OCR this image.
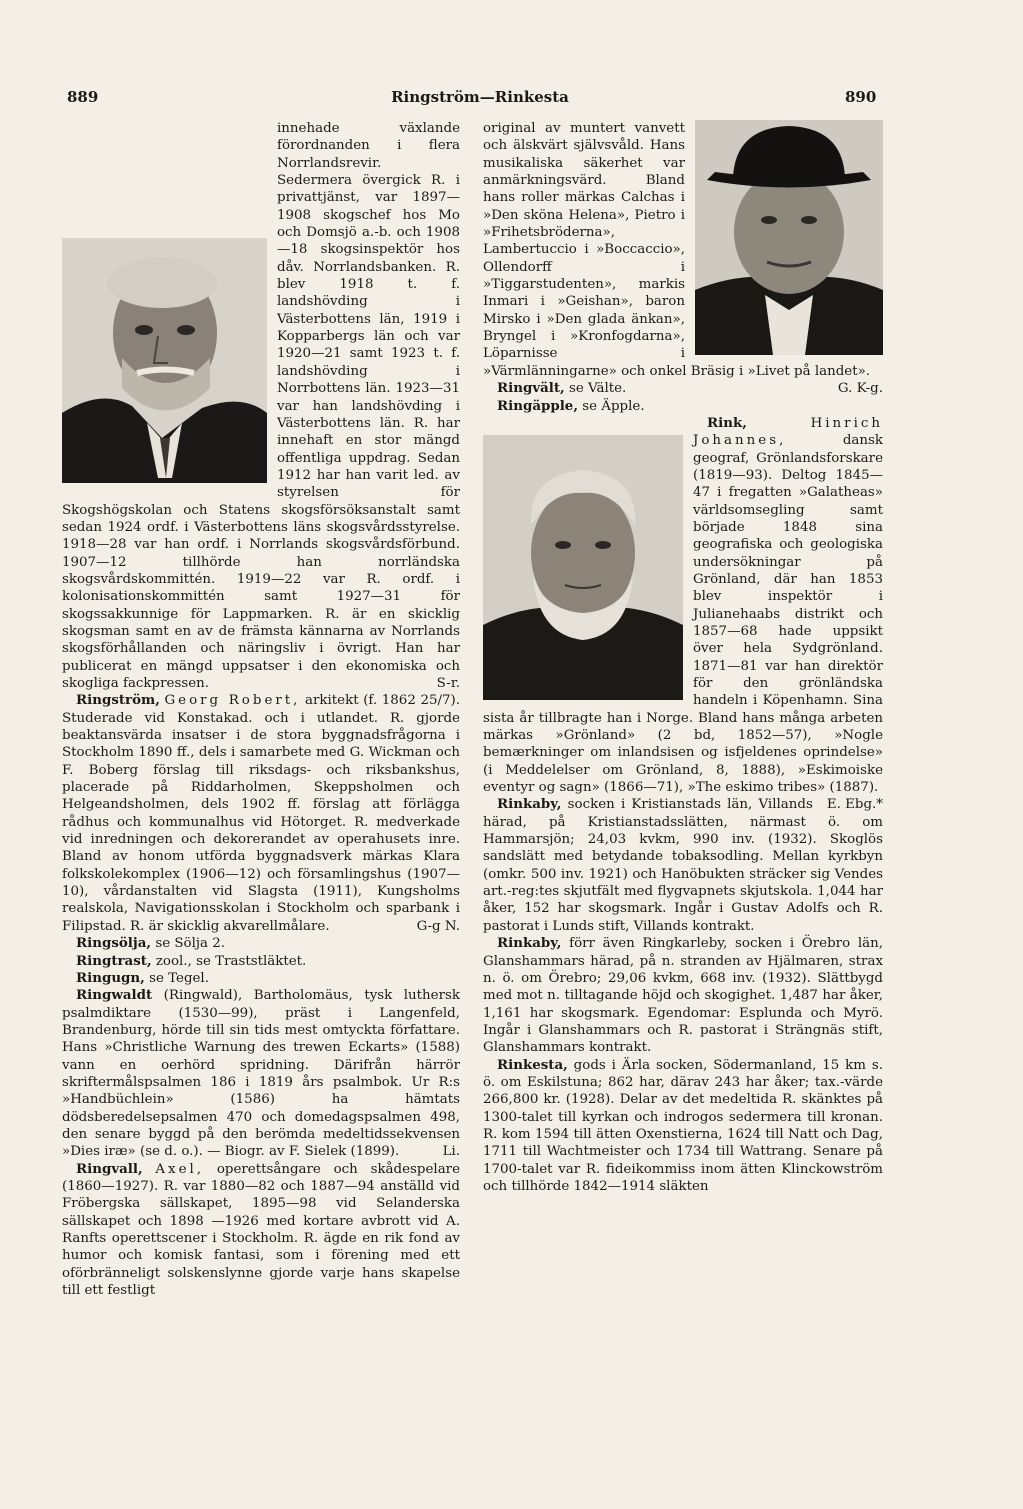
889	Ringström—Rinkesta	890

innehade växlande förordnanden i flera Norrlandsrevir. Sedermera övergick R. i privattjänst, var 1897—1908 skogschef hos Mo och Domsjö a.-b. och 1908—18 skogsinspektör hos dåv. Norrlandsbanken. R. blev 1918 t. f. landshövding i Västerbottens län, 1919 i Kopparbergs län och var 1920—21 samt 1923 t. f. landshövding i Norrbottens län. 1923—31 var han landshövding i Västerbottens län. R. har innehaft en stor mängd offentliga uppdrag. Sedan 1912 har han varit led. av styrelsen för Skogshögskolan och Statens skogsförsöksanstalt samt sedan 1924 ordf. i Västerbottens läns skogsvårdsstyrelse. 1918—28 var han ordf. i Norrlands skogsvårdsförbund. 1907—12 tillhörde han norrländska skogsvårdskommittén. 1919—22 var R. ordf. i kolonisationskommittén samt 1927—31 för skogssakkunnige för Lappmarken. R. är en skicklig skogsman samt en av de främsta kännarna av Norrlands skogsförhållanden och näringsliv i övrigt. Han har publicerat en mängd uppsatser i den ekonomiska och skogliga fackpressen.	S-r.

Ringström, Georg Robert, arkitekt (f. 1862 25/7). Studerade vid Konstakad. och i utlandet. R. gjorde beaktansvärda insatser i de stora byggnadsfrågorna i Stockholm 1890 ff., dels i samarbete med G. Wickman och F. Boberg förslag till riksdags- och riksbankshus, placerade på Riddarholmen, Skeppsholmen och Helgeandsholmen, dels 1902 ff. förslag att förlägga rådhus och kommunalhus vid Hötorget. R. medverkade vid inredningen och dekorerandet av operahusets inre. Bland av honom utförda byggnadsverk märkas Klara folkskolekomplex (1906—12) och församlingshus (1907—10), vårdanstalten vid Slagsta (1911), Kungsholms realskola, Navigationsskolan i Stockholm och sparbank i Filipstad. R. är skicklig akvarellmålare.	G-g N.

Ringsölja, se Sölja 2.

Ringtrast, zool., se Traststläktet.

Ringugn, se Tegel.

Ringwaldt (Ringwald), Bartholomäus, tysk luthersk psalmdiktare (1530—99), präst i Langenfeld, Brandenburg, hörde till sin tids mest omtyckta författare. Hans »Christliche Warnung des trewen Eckarts» (1588) vann en oerhörd spridning. Därifrån härrör skriftermålspsalmen 186 i 1819 års psalmbok. Ur R:s »Handbüchlein» (1586) ha hämtats dödsberedelsepsalmen 470 och domedagspsalmen 498, den senare byggd på den berömda medeltidssekvensen »Dies iræ» (se d. o.). — Biogr. av F. Sielek (1899).	Li.

Ringvall, Axel, operettsångare och skådespelare (1860—1927). R. var 1880—82 och 1887—94 anställd vid Fröbergska sällskapet, 1895—98 vid Selanderska sällskapet och 1898 —1926 med kortare avbrott vid A. Ranfts operettscener i Stockholm. R. ägde en rik fond av humor och komisk fantasi, som i förening med ett oförbränneligt solskenslynne gjorde varje hans skapelse till ett festligt

original av muntert vanvett och älskvärt självsvåld. Hans musikaliska säkerhet var anmärkningsvärd. Bland hans roller märkas Calchas i »Den sköna Helena», Pietro i »Frihetsbröderna», Lambertuccio i »Boccaccio», Ollendorff i »Tiggarstudenten», markis Inmari i »Geishan», baron Mirsko i »Den glada änkan», Bryngel i »Kronfogdarna», Löparnisse i »Värmlänningarne» och onkel Bräsig i »Livet på landet».
G. K-g.

Ringvält, se Välte.

Ringäpple, se Äpple.

Rink,	Hinrich Johannes, dansk geograf, Grönlandsforskare (1819—93). Deltog 1845—47 i fregatten »Galatheas» världsomsegling samt började 1848 sina geografiska och geologiska undersökningar på Grönland, där han 1853 blev inspektör i Julianehaabs distrikt och 1857—68 hade uppsikt över hela Sydgrönland. 1871—81 var han direktör för den grönländska handeln i Köpenhamn. Sina sista år tillbragte han i Norge. Bland hans många arbeten märkas »Grönland» (2 bd, 1852—57), »Nogle bemærkninger om inlandsisen og isfjeldenes oprindelse» (i Meddelelser om Grönland, 8, 1888), »Eskimoiske eventyr og sagn» (1866—71), »The eskimo tribes» (1887).
E. Ebg.*

Rinkaby, socken i Kristianstads län, Villands härad, på Kristianstadsslätten, närmast ö. om Hammarsjön; 24,03 kvkm, 990 inv. (1932). Skoglös sandslätt med betydande tobaksodling. Mellan kyrkbyn (omkr. 500 inv. 1921) och Hanöbukten sträcker sig Vendes art.-reg:tes skjutfält med flygvapnets skjutskola. 1,044 har åker, 152 har skogsmark. Ingår i Gustav Adolfs och R. pastorat i Lunds stift, Villands kontrakt.

Rinkaby, förr även Ringkarleby, socken i Örebro län, Glanshammars härad, på n. stranden av Hjälmaren, strax n. ö. om Örebro; 29,06 kvkm, 668 inv. (1932). Slättbygd med mot n. tilltagande höjd och skogighet. 1,487 har åker, 1,161 har skogsmark. Egendomar: Esplunda och Myrö. Ingår i Glanshammars och R. pastorat i Strängnäs stift, Glanshammars kontrakt.

Rinkesta, gods i Ärla socken, Södermanland, 15 km s. ö. om Eskilstuna; 862 har, därav 243 har åker; tax.-värde 266,800 kr. (1928). Delar av det medeltida R. skänktes på 1300-talet till kyrkan och indrogos sedermera till kronan. R. kom 1594 till ätten Oxenstierna, 1624 till Natt och Dag, 1711 till Wachtmeister och 1734 till Wattrang. Senare på 1700-talet var R. fideikommiss inom ätten Klinckowström och tillhörde 1842—1914 släkten
